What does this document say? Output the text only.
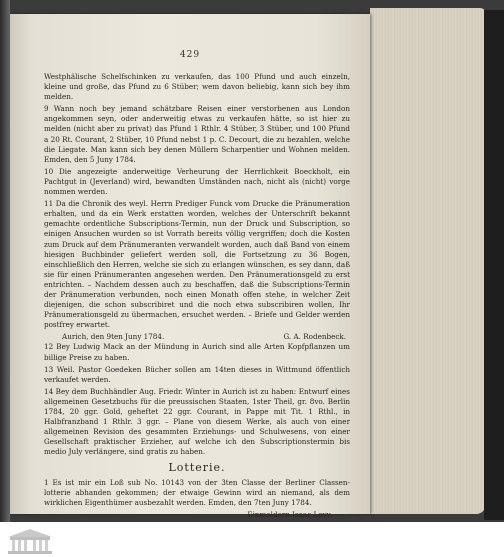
429

Westphälische Schelfschinken zu verkaufen, das 100 Pfund und auch einzeln, kleine und große, das Pfund zu 6 Stüber; wem davon beliebig, kann sich bey ihm melden.

9 Wann noch bey jemand schätzbare Reisen einer verstorbenen aus London angekommen seyn, oder anderweitig etwas zu verkaufen hätte, so ist hier zu melden (nicht aber zu privat) das Pfund 1 Rthlr. 4 Stüber, 3 Stüber, und 100 Pfund a 20 Rt. Courant, 2 Stüber, 10 Pfund nebst 1 p. C. Decourt, die zu bezahlen, welche die Liegate. Man kann sich bey denen Müllern Scharpentier und Wohnen melden. Emden, den 5 Juny 1784.

10 Die angezeigte anderweitige Verheurung der Herrlichkeit Boeckholt, ein Pachtgut in (Jeverland) wird, bewandten Umständen nach, nicht als (nicht) vorge nommen werden.

11 Da die Chronik des weyl. Herrn Prediger Funck vom Drucke die Pränumeration erhalten, und da ein Werk erstatten worden, welches der Unterschrift bekannt gemachte ordentliche Subscriptions-Termin, nun der Druck und Subscription, so einigen Ansuchen wurden so ist Vorrath bereits völlig vergriffen; doch die Kosten zum Druck auf dem Pränumeranten verwandelt worden, auch daß Band von einem hiesigen Buchbinder geliefert werden soll, die Fortsetzung zu 36 Bogen, einschließlich den Herren, welche sie sich zu erlangen wünschen, es sey dann, daß sie für einen Pränumeranten angesehen werden. Den Pränumerationsgeld zu erst entrichten. – Nachdem dessen auch zu beschaffen, daß die Subscriptions-Termin der Pränumeration verbunden, noch einen Monath offen stehe, in welcher Zeit diejenigen, die schon subscribiret und die noch etwa subscribiren wollen, Ihr Pränumerationsgeld zu übermachen, ersuchet werden. – Briefe und Gelder werden postfrey erwartet.

Aurich, den 9ten Juny 1784.	G. A. Rodenbeck.

12 Bey Ludwig Mack an der Mündung in Aurich sind alle Arten Kopfpflanzen um billige Preise zu haben.

13 Weil. Pastor Goedeken Bücher sollen am 14ten dieses in Wittmund öffentlich verkaufet werden.

14 Bey dem Buchhändler Aug. Friedr. Winter in Aurich ist zu haben: Entwurf eines allgemeinen Gesetzbuchs für die preussischen Staaten, 1ster Theil, gr. 8vo. Berlin 1784, 20 ggr. Gold, geheftet 22 ggr. Courant, in Pappe mit Tit. 1 Rthl., in Halbfranzband 1 Rthlr. 3 ggr. – Plane von diesem Werke, als auch von einer allgemeinen Revision des gesammten Erziehungs- und Schulwesens, von einer Gesellschaft praktischer Erzieher, auf welche ich den Subscriptionstermin bis medio July verlängere, sind gratis zu haben.

Lotterie.

1 Es ist mir ein Loß sub No. 10143 von der 3ten Classe der Berliner Classen-lotterie abhanden gekommen; der etwaige Gewinn wird an niemand, als dem wirklichen Eigenthümer ausbezahlt werden. Emden, den 7ten Juny 1784.

Einmeldern Isaac Levy.
